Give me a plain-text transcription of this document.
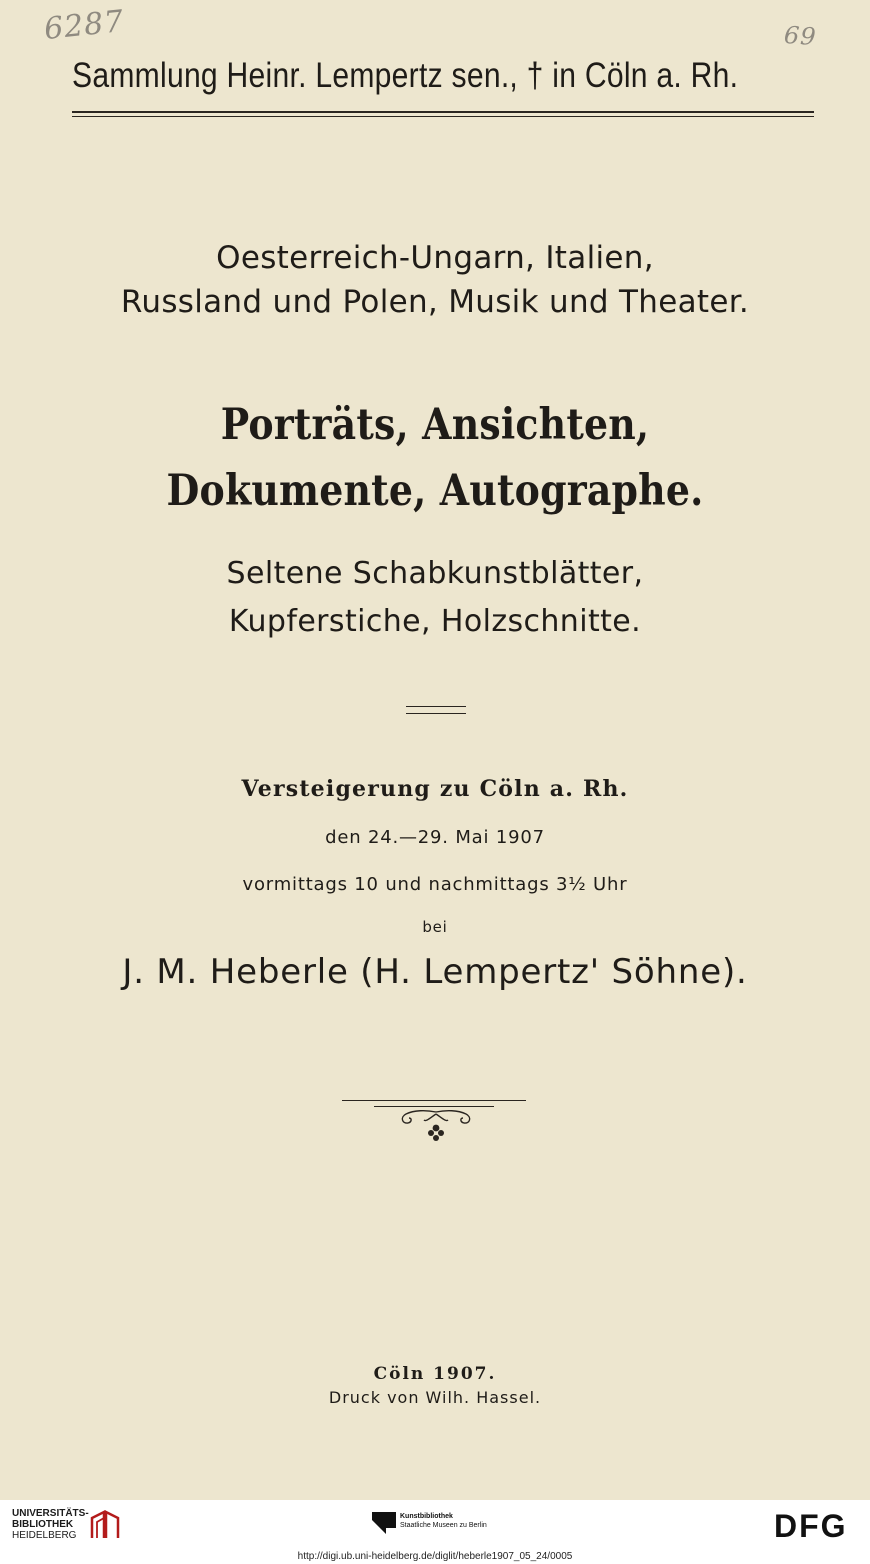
6287	69
Sammlung Heinr. Lempertz sen., † in Cöln a. Rh.
Oesterreich-Ungarn, Italien,
Russland und Polen, Musik und Theater.
Porträts, Ansichten,
Dokumente, Autographe.
Seltene Schabkunstblätter,
Kupferstiche, Holzschnitte.
Versteigerung zu Cöln a. Rh.
den 24.—29. Mai 1907
vormittags 10 und nachmittags 3½ Uhr
bei
J. M. Heberle (H. Lempertz' Söhne).
Cöln 1907.
Druck von Wilh. Hassel.
UNIVERSITÄTS-
BIBLIOTHEK
HEIDELBERG
Kunstbibliothek
Staatliche Museen zu Berlin	DFG
http://digi.ub.uni-heidelberg.de/diglit/heberle1907_05_24/0005
